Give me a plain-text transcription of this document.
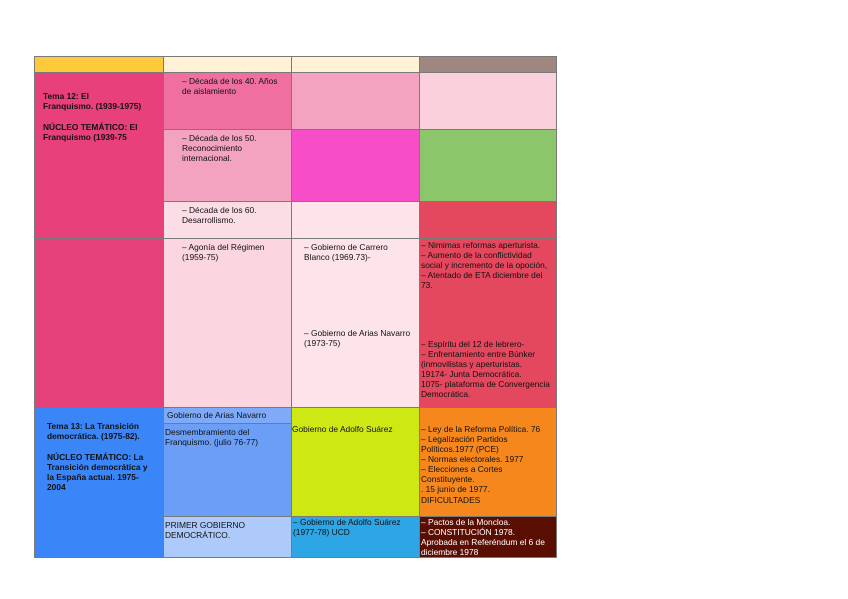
Tema 12: El
Franquismo. (1939-1975)
NÚCLEO TEMÁTICO: El
Franquismo (1939-75
– Década de los 40. Años
de aislamiento
– Década de los 50.
Reconocimiento
internacional.
– Década de los 60.
Desarrollismo.
– Agonía del Régimen
(1959-75)
– Gobierno de Carrero
Blanco (1969.73)-
– Gobierno de Arias Navarro
(1973-75)
– Nimimas reformas aperturista.
– Aumento de la conflictividad
social y incremento de la opoción,
– Atentado de ETA diciembre del
73.
– Espíritu del 12 de lebrero-
– Enfrentamiento entre Búnker
(inmovilistas y aperturistas.
19174- Junta Democrática.
1075- plataforma de Convergencia
Democrática.
Tema 13: La Transición
democrática. (1975-82).
NÚCLEO TEMÁTICO: La
Transición democrática y
la España actual. 1975-
2004
Gobierno de Arias Navarro
Desmembramiento del
Franquismo. (julio 76-77)
Gobierno de Adolfo Suárez	– Ley de la Reforma Política. 76
– Legalización Partidos
Políticos.1977 (PCE)
– Normas electorales. 1977
– Elecciones a Cortes Constituyente.
. 15 junio de 1977.
DIFICULTADES
PRIMER GOBIERNO
DEMOCRÁTICO.
– Gobierno de Adolfo Suárez
(1977-78) UCD
– Pactos de la Moncloa.
– CONSTITUCIÓN 1978.
Aprobada en Referéndum el 6 de
diciembre 1978
